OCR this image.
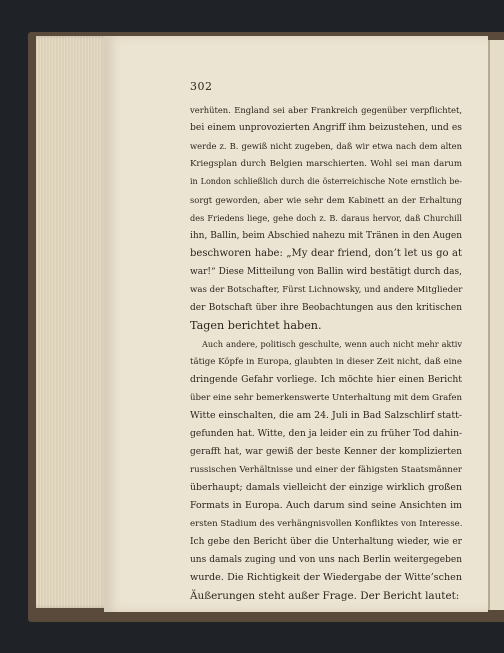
302
verhüten. England sei aber Frankreich gegenüber verpflichtet,
bei einem unprovozierten Angriff ihm beizustehen, und es
werde z. B. gewiß nicht zugeben, daß wir etwa nach dem alten
Kriegsplan durch Belgien marschierten. Wohl sei man darum
in London schließlich durch die österreichische Note ernstlich be-
sorgt geworden, aber wie sehr dem Kabinett an der Erhaltung
des Friedens liege, gehe doch z. B. daraus hervor, daß Churchill
ihn, Ballin, beim Abschied nahezu mit Tränen in den Augen
beschworen habe: „My dear friend, don’t let us go at
war!“ Diese Mitteilung von Ballin wird bestätigt durch das,
was der Botschafter, Fürst Lichnowsky, und andere Mitglieder
der Botschaft über ihre Beobachtungen aus den kritischen
Tagen berichtet haben.
Auch andere, politisch geschulte, wenn auch nicht mehr aktiv
tätige Köpfe in Europa, glaubten in dieser Zeit nicht, daß eine
dringende Gefahr vorliege. Ich möchte hier einen Bericht
über eine sehr bemerkenswerte Unterhaltung mit dem Grafen
Witte einschalten, die am 24. Juli in Bad Salzschlirf statt-
gefunden hat. Witte, den ja leider ein zu früher Tod dahin-
gerafft hat, war gewiß der beste Kenner der komplizierten
russischen Verhältnisse und einer der fähigsten Staatsmänner
überhaupt; damals vielleicht der einzige wirklich großen
Formats in Europa. Auch darum sind seine Ansichten im
ersten Stadium des verhängnisvollen Konfliktes von Interesse.
Ich gebe den Bericht über die Unterhaltung wieder, wie er
uns damals zuging und von uns nach Berlin weitergegeben
wurde. Die Richtigkeit der Wiedergabe der Witte’schen
Äußerungen steht außer Frage. Der Bericht lautet:
